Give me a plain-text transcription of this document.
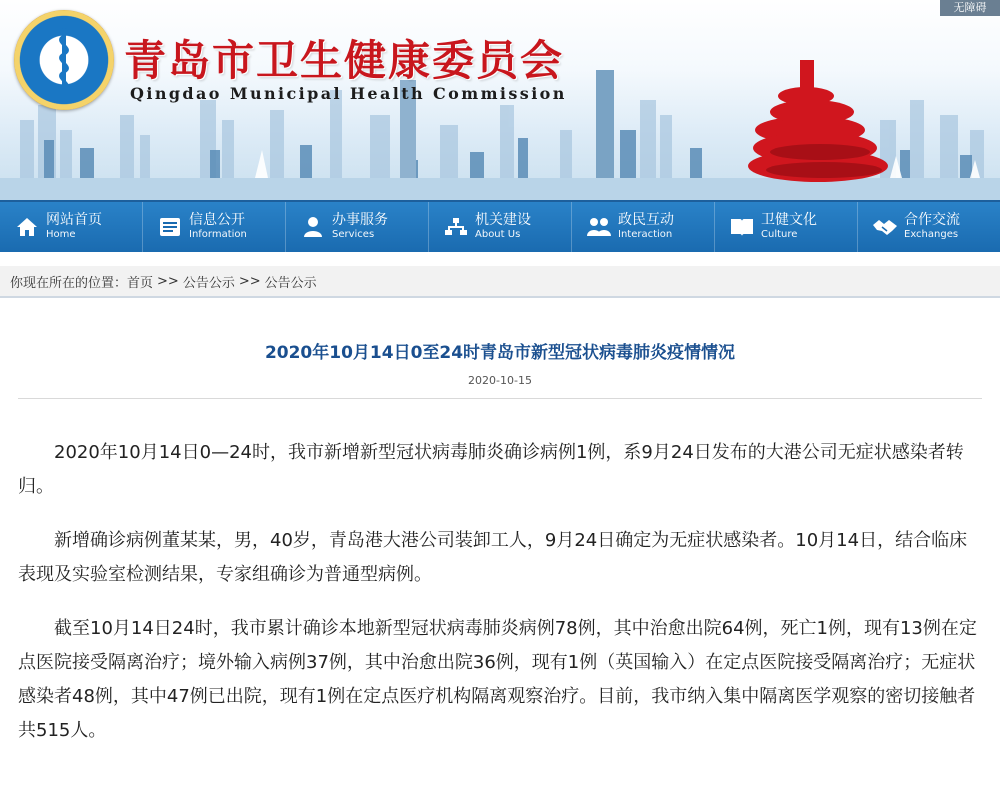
青岛市卫生健康委员会
Qingdao Municipal Health Commission
无障碍
网站首页
Home
信息公开
Information
办事服务
Services
机关建设
About Us
政民互动
Interaction
卫健文化
Culture
合作交流
Exchanges
你现在所在的位置： 首页 >> 公告公示 >> 公告公示
2020年10月14日0至24时青岛市新型冠状病毒肺炎疫情情况
2020-10-15

2020年10月14日0—24时，我市新增新型冠状病毒肺炎确诊病例1例，系9月24日发布的大港公司无症状感染者转归。

新增确诊病例董某某，男，40岁，青岛港大港公司装卸工人，9月24日确定为无症状感染者。10月14日，结合临床表现及实验室检测结果，专家组确诊为普通型病例。

截至10月14日24时，我市累计确诊本地新型冠状病毒肺炎病例78例，其中治愈出院64例，死亡1例，现有13例在定点医院接受隔离治疗；境外输入病例37例，其中治愈出院36例，现有1例（英国输入）在定点医院接受隔离治疗；无症状感染者48例，其中47例已出院，现有1例在定点医疗机构隔离观察治疗。目前，我市纳入集中隔离医学观察的密切接触者共515人。
